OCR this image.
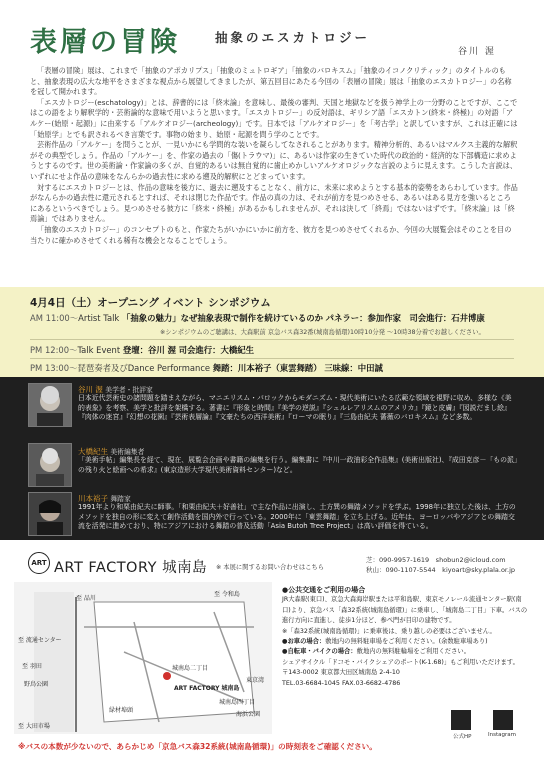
表層の冒険	抽象のエスカトロジー
谷川 渥

「表層の冒険」展は、これまで「抽象のアポカリプス」「抽象のミュトロギア」「抽象のバロキスム」「抽象のイコノクリティック」のタイトルのもと、抽象表現の広大な地平をさまざまな視点から展望してきましたが、第五回目にあたる今回の「表層の冒険」展は「抽象のエスカトロジー」の名称を冠して開かれます。

「エスカトロジー(eschatology)」とは、辞書的には「終末論」を意味し、最後の審判、天国と地獄などを扱う神学上の一分野のことですが、ここではこの語をより解釈学的・芸術論的な意味で用いようと思います。「エスカトロジー」の反対語は、ギリシア語「エスカトン(終末・終極)」の対語「アルケー(始原・起源)」に由来する「アルケオロジー(archeology)」です。日本では「アルケオロジー」を「考古学」と訳していますが、これは正確には「始原学」とでも訳されるべき言葉です。事物の始まり、始原・起源を問う学のことです。

芸術作品の「アルケー」を問うことが、一見いかにも学問的な装いを凝らしてなされることがあります。精神分析的、あるいはマルクス主義的な解釈がその典型でしょう。作品の「アルケー」を、作家の過去の「傷(トラウマ)」に、あるいは作家の生きていた時代の政治的・経済的な下部構造に求めようとするのです。世の美術論・作家論の多くが、自覚的あるいは無自覚的に歯止めかしいアルケオロジックな言説のように見えます。こうした言説は、いずれにせよ作品の意味をなんらかの過去性に求める遡及的解釈にとどまっています。

対するにエスカトロジーとは、作品の意味を後方に、過去に遡及することなく、前方に、未来に求めようとする基本的姿勢をあらわしています。作品がなんらかの過去性に還元されるとすれば、それは閉じた作品です。作品の真の力は、それが前方を見つめさせる、あるいはある見方を強いるところにあるというべきでしょう。見つめさせる彼方に「終末・終極」があるかもしれませんが、それは決して「終焉」ではないはずです。「終末論」は「終焉論」ではありません。

「抽象のエスカトロジー」のコンセプトのもと、作家たちがいかにいかに前方を、彼方を見つめさせてくれるか、今回の大展覧会はそのことを目の当たりに確かめさせてくれる稀有な機会となることでしょう。

4月4日（土）オープニング イベント シンポジウム
AM 11:00〜Artist Talk 「抽象の魅力」なぜ抽象表現で制作を続けているのか パネラー：参加作家　司会進行：石井博康
※シンポジウムのご聴講は、大森駅前 京急バス森32番(城南島循環)10時10分発 ～10時38分着でお越しください。
PM 12:00〜Talk Event 登壇：谷川 渥 司会進行：大橋紀生
PM 13:00〜琵琶奏者及びDance Performance 舞踏：川本裕子（東雲舞踏） 三味線：中田誠
谷川 渥 美学者・批評家
日本近代芸術史の諸問題を踏まえながら、マニエリスム・バロックからモダニズム・現代美術にいたる広範な領域を視野に収め、多様な《美的表象》を考察、美学と批評を架橋する。著書に『形象と時間』『美学の逆説』『シュルレアリスムのアメリカ』『鏡と皮膚』『図説だまし絵』『肉体の迷宮』『幻想の花園』『芸術表層論』『文豪たちの西洋美術』『ローマの眠り』『三島由紀夫 薔薇のバロキスム』など多数。
大橋紀生 美術編集者
「美術手帖」編集長を経て、現在、展覧会企画や書籍の編集を行う。編集書に『中川一政油彩全作品集』(美術出版社)、『成田克彦－「もの派」の残り火と絵画への希求』(東京造形大学現代美術資料センター)など。
川本裕子 舞踏家
1991年より和栗由紀夫に師事。「和栗由紀夫＋好善社」で主な作品に出演し、土方巽の舞踏メソッドを学ぶ。1998年に独立した後は、土方のメソッドを独自の形に変えて創作活動を国内外で行っている。2000年に「東雲舞踏」を立ち上げる。近年は、ヨーロッパやアジアとの舞踏交流を活発に進めており、特にアジアにおける舞踏の普及活動「Asia Butoh Tree Project」は高い評価を得ている。
ART ART FACTORY 城南島 ※ 本展に関するお問い合わせはこちら
芝：090-9957-1619　shobun2@icloud.com
秋山：090-1107-5544　kiyoart@sky.plala.or.jp
至 品川
至 羽田
至 令和島
至 流通センター
野鳥公園
至 大田市場
城南島二丁目
ART FACTORY 城南島
城南島四丁目
海浜公園
東京湾
緑材埠頭
●公共交通をご利用の場合
JR大森駅(東口)、京急大森海岸駅または平和島駅、東京モノレール流通センター駅(南口)より、京急バス「森32系統(城南島循環)」に乗車し、「城南島二丁目」下車。バスの進行方向に直進し、徒歩1分ほど、参ぺ門が目印の建物です。
※「森32系統(城南島循環)」に乗車後は、乗り越しの必要はございません。
●お車の場合：敷地内の無料駐車場をご利用ください。(余数駐車場あり)
●自転車・バイクの場合：敷地内の無料駐輪場をご利用ください。
シェアサイクル「ドコモ・バイクシェアのポート(K-1.68)」もご利用いただけます。
〒143-0002 東京都大田区城南島 2-4-10
TEL.03-6684-1045 FAX.03-6682-4786
公式HP	Instagram
※バスの本数が少ないので、あらかじめ「京急バス森32系統(城南島循環)」の時刻表をご確認ください。
